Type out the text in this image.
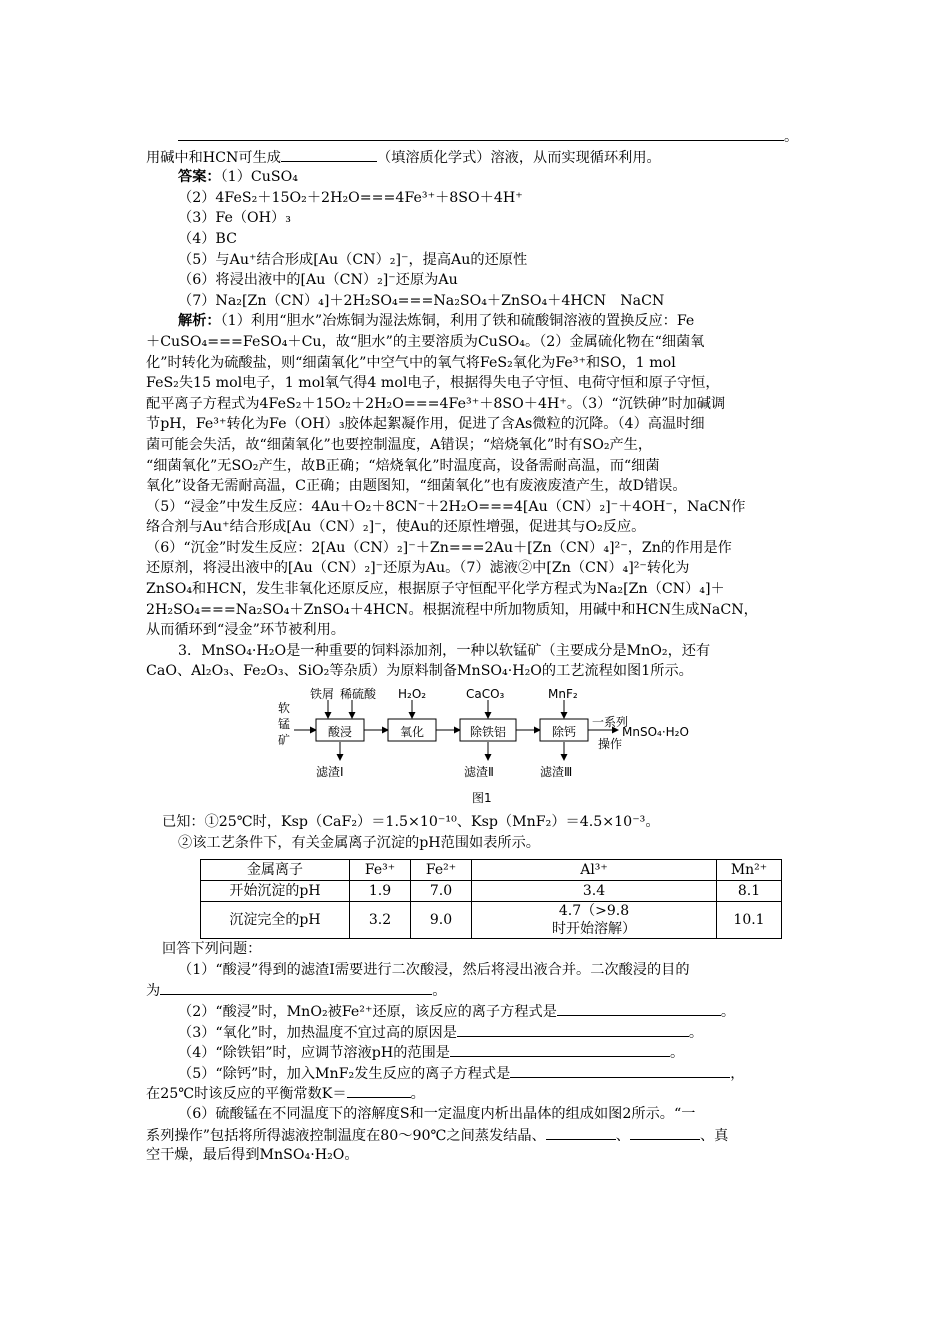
。
用碱中和HCN可生成	（填溶质化学式）溶液，从而实现循环利用。
答案：（1）CuSO₄
（2）4FeS₂＋15O₂＋2H₂O===4Fe³⁺＋8SO＋4H⁺
（3）Fe（OH）₃
（4）BC
（5）与Au⁺结合形成[Au（CN）₂]⁻，提高Au的还原性
（6）将浸出液中的[Au（CN）₂]⁻还原为Au
（7）Na₂[Zn（CN）₄]＋2H₂SO₄===Na₂SO₄＋ZnSO₄＋4HCN　NaCN
解析：（1）利用“胆水”冶炼铜为湿法炼铜，利用了铁和硫酸铜溶液的置换反应：Fe
＋CuSO₄===FeSO₄＋Cu，故“胆水”的主要溶质为CuSO₄。（2）金属硫化物在“细菌氧
化”时转化为硫酸盐，则“细菌氧化”中空气中的氧气将FeS₂氧化为Fe³⁺和SO，1 mol
FeS₂失15 mol电子，1 mol氧气得4 mol电子，根据得失电子守恒、电荷守恒和原子守恒，
配平离子方程式为4FeS₂＋15O₂＋2H₂O===4Fe³⁺＋8SO＋4H⁺。（3）“沉铁砷”时加碱调
节pH，Fe³⁺转化为Fe（OH）₃胶体起絮凝作用，促进了含As微粒的沉降。（4）高温时细
菌可能会失活，故“细菌氧化”也要控制温度，A错误；“焙烧氧化”时有SO₂产生，
“细菌氧化”无SO₂产生，故B正确；“焙烧氧化”时温度高，设备需耐高温，而“细菌
氧化”设备无需耐高温，C正确；由题图知，“细菌氧化”也有废液废渣产生，故D错误。
（5）“浸金”中发生反应：4Au＋O₂＋8CN⁻＋2H₂O===4[Au（CN）₂]⁻＋4OH⁻，NaCN作
络合剂与Au⁺结合形成[Au（CN）₂]⁻，使Au的还原性增强，促进其与O₂反应。
（6）“沉金”时发生反应：2[Au（CN）₂]⁻＋Zn===2Au＋[Zn（CN）₄]²⁻，Zn的作用是作
还原剂，将浸出液中的[Au（CN）₂]⁻还原为Au。（7）滤液②中[Zn（CN）₄]²⁻转化为
ZnSO₄和HCN，发生非氧化还原反应，根据原子守恒配平化学方程式为Na₂[Zn（CN）₄]＋
2H₂SO₄===Na₂SO₄＋ZnSO₄＋4HCN。根据流程中所加物质知，用碱中和HCN生成NaCN，
从而循环到“浸金”环节被利用。
3．MnSO₄·H₂O是一种重要的饲料添加剂，一种以软锰矿（主要成分是MnO₂，还有
CaO、Al₂O₃、Fe₂O₃、SiO₂等杂质）为原料制备MnSO₄·H₂O的工艺流程如图1所示。
软
锰
矿
铁屑 稀硫酸 H₂O₂	CaCO₃	MnF₂
酸浸	氧化	除铁铝	除钙
一系列
操作
MnSO₄·H₂O
滤渣Ⅰ	滤渣Ⅱ	滤渣Ⅲ
图1
已知：①25℃时，Ksp（CaF₂）＝1.5×10⁻¹⁰、Ksp（MnF₂）＝4.5×10⁻³。
②该工艺条件下，有关金属离子沉淀的pH范围如表所示。
金属离子	Fe³⁺	Fe²⁺	Al³⁺	Mn²⁺
开始沉淀的pH	1.9	7.0	3.4	8.1
沉淀完全的pH	3.2	9.0	4.7（>9.8
时开始溶解）	10.1
回答下列问题：
（1）“酸浸”得到的滤渣Ⅰ需要进行二次酸浸，然后将浸出液合并。二次酸浸的目的
为	。
（2）“酸浸”时，MnO₂被Fe²⁺还原，该反应的离子方程式是	。
（3）“氧化”时，加热温度不宜过高的原因是	。
（4）“除铁铝”时，应调节溶液pH的范围是	。
（5）“除钙”时，加入MnF₂发生反应的离子方程式是	，
在25℃时该反应的平衡常数K＝	。
（6）硫酸锰在不同温度下的溶解度S和一定温度内析出晶体的组成如图2所示。“一
系列操作”包括将所得滤液控制温度在80～90℃之间蒸发结晶、	、	、真
空干燥，最后得到MnSO₄·H₂O。
